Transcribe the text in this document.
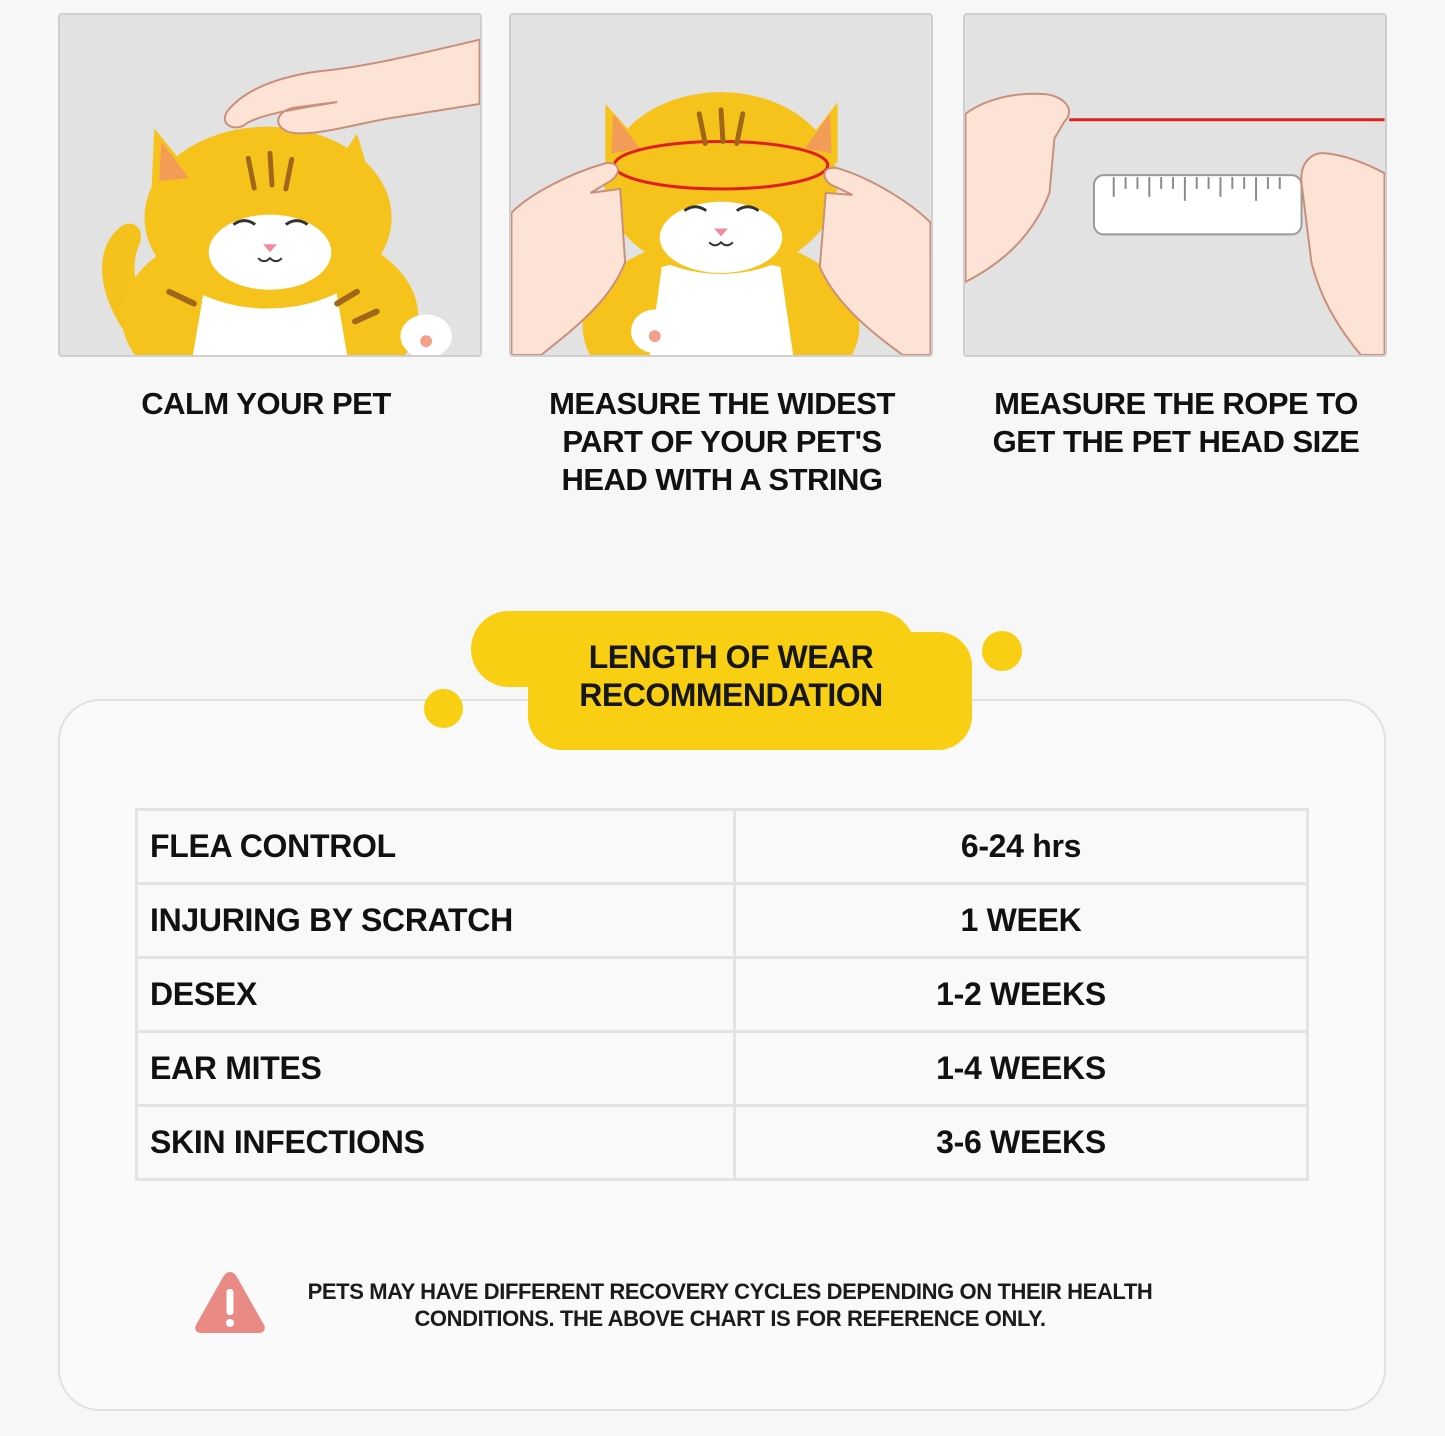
CALM YOUR PET	MEASURE THE WIDEST PART OF YOUR PET'S HEAD WITH A STRING
MEASURE THE ROPE TO GET THE PET HEAD SIZE
LENGTH OF WEAR RECOMMENDATION
FLEA CONTROL	6-24 hrs
INJURING BY SCRATCH	1 WEEK
DESEX	1-2 WEEKS
EAR MITES	1-4 WEEKS
SKIN INFECTIONS	3-6 WEEKS
PETS MAY HAVE DIFFERENT RECOVERY CYCLES DEPENDING ON THEIR HEALTH CONDITIONS. THE ABOVE CHART IS FOR REFERENCE ONLY.
